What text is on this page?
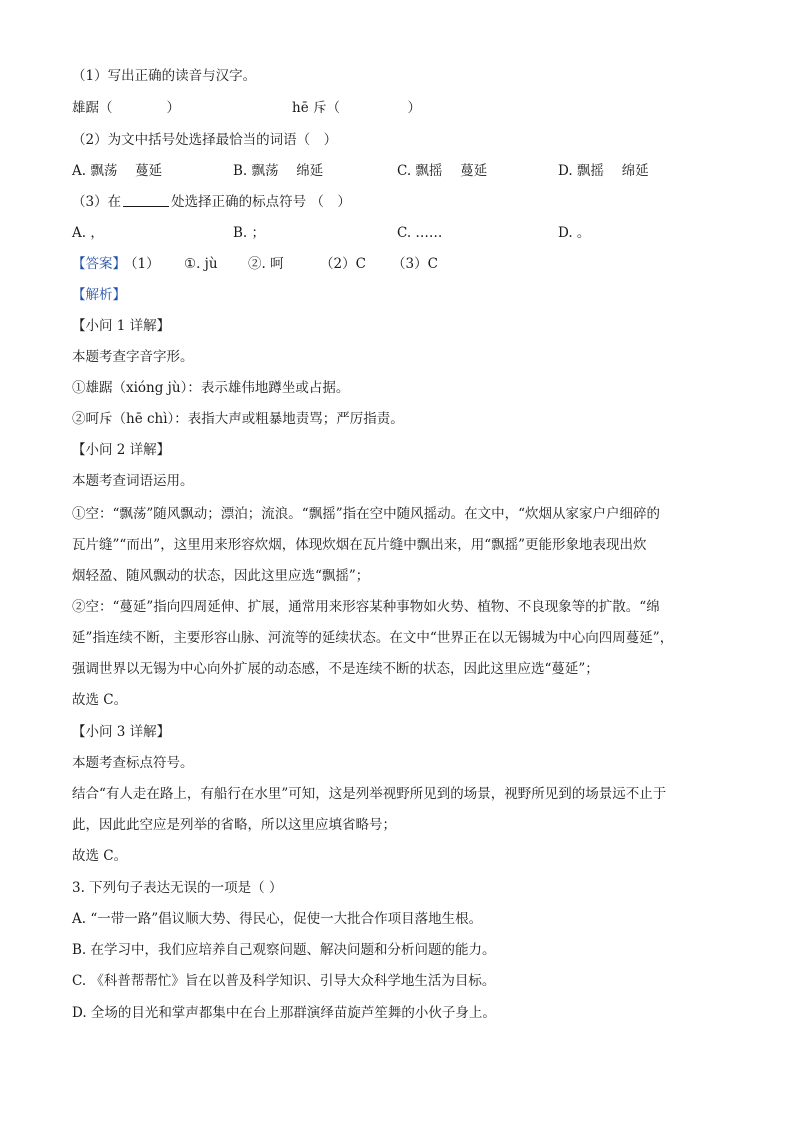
（1）写出正确的读音与汉字。
雄踞（　　　　）	hē 斥（　　　　　）
（2）为文中括号处选择最恰当的词语（　）
A. 飘荡　 蔓延	B. 飘荡　 绵延	C. 飘摇　 蔓延	D. 飘摇　 绵延
（3）在	处选择正确的标点符号 （　）
A. ，	B. ；	C. ……	D. 。
【答案】
（1） ①. jù ②. 呵	（2）C （3）C
【解析】
【小问 1 详解】
本题考查字音字形。
①雄踞（xióng jù）：表示雄伟地蹲坐或占据。
②呵斥（hē chì）：表指大声或粗暴地责骂；严厉指责。
【小问 2 详解】
本题考查词语运用。
①空：“飘荡”随风飘动；漂泊；流浪。“飘摇”指在空中随风摇动。在文中，“炊烟从家家户户细碎的
瓦片缝”“而出”，这里用来形容炊烟，体现炊烟在瓦片缝中飘出来，用“飘摇”更能形象地表现出炊
烟轻盈、随风飘动的状态，因此这里应选“飘摇”；
②空：“蔓延”指向四周延伸、扩展，通常用来形容某种事物如火势、植物、不良现象等的扩散。“绵
延”指连续不断，主要形容山脉、河流等的延续状态。在文中“世界正在以无锡城为中心向四周蔓延”，
强调世界以无锡为中心向外扩展的动态感，不是连续不断的状态，因此这里应选“蔓延”；
故选 C。
【小问 3 详解】
本题考查标点符号。
结合“有人走在路上，有船行在水里”可知，这是列举视野所见到的场景，视野所见到的场景远不止于
此，因此此空应是列举的省略，所以这里应填省略号；
故选 C。
3. 下列句子表达无误的一项是（ ）
A. “一带一路”倡议顺大势、得民心，促使一大批合作项目落地生根。
B. 在学习中，我们应培养自己观察问题、解决问题和分析问题的能力。
C. 《科普帮帮忙》旨在以普及科学知识、引导大众科学地生活为目标。
D. 全场的目光和掌声都集中在台上那群演绎苗旋芦笙舞的小伙子身上。
